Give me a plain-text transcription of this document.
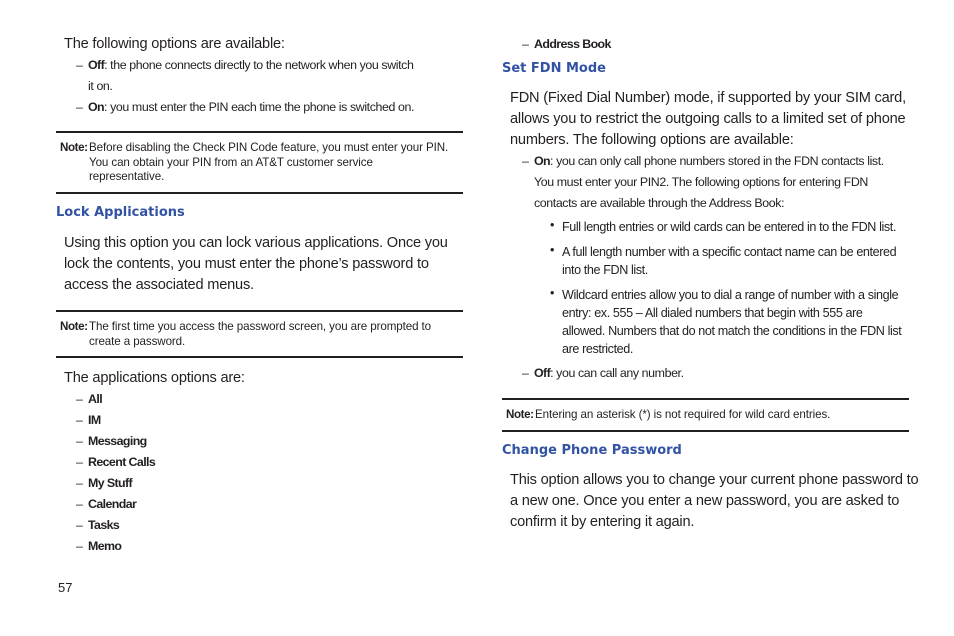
The following options are available:
– Off: the phone connects directly to the network when you switch
it on.
– On: you must enter the PIN each time the phone is switched on.
Note: Before disabling the Check PIN Code feature, you must enter your PIN.
You can obtain your PIN from an AT&T customer service
representative.
Lock Applications
Using this option you can lock various applications. Once you
lock the contents, you must enter the phone’s password to
access the associated menus.
Note: The first time you access the password screen, you are prompted to
create a password.
The applications options are:
– All
– IM
– Messaging
– Recent Calls
– My Stuff
– Calendar
– Tasks
– Memo
– Address Book
Set FDN Mode
FDN (Fixed Dial Number) mode, if supported by your SIM card,
allows you to restrict the outgoing calls to a limited set of phone
numbers. The following options are available:
– On: you can only call phone numbers stored in the FDN contacts list.
You must enter your PIN2. The following options for entering FDN
contacts are available through the Address Book:
• Full length entries or wild cards can be entered in to the FDN list.
• A full length number with a specific contact name can be entered into the FDN list.
• Wildcard entries allow you to dial a range of number with a single entry: ex. 555 – All dialed numbers that begin with 555 are allowed. Numbers that do not match the conditions in the FDN list are restricted.
– Off: you can call any number.
Note: Entering an asterisk (*) is not required for wild card entries.
Change Phone Password
This option allows you to change your current phone password to
a new one. Once you enter a new password, you are asked to
confirm it by entering it again.
57
